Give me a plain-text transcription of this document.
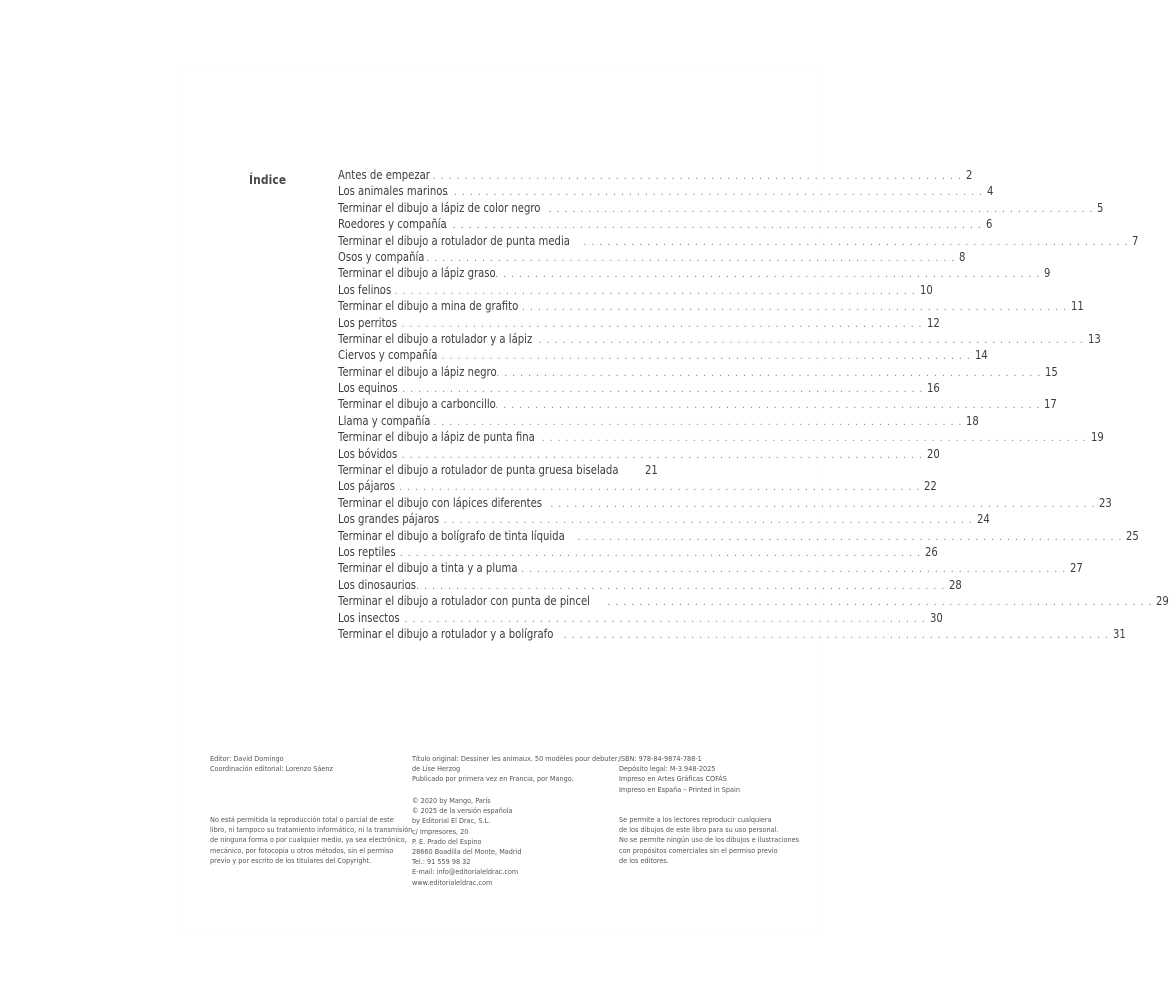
Índice	Antes de empezar . . .	2
Los animales marinos . . .	4
Terminar el dibujo a lápiz de color negro . . .	5
Roedores y compañía . . .	6
Terminar el dibujo a rotulador de punta media . . .	7
Osos y compañía . . .	8
Terminar el dibujo a lápiz graso . . .	9
Los felinos . . .	10
Terminar el dibujo a mina de grafito . . .	11
Los perritos . . .	12
Terminar el dibujo a rotulador y a lápiz . . .	13
Ciervos y compañía . . .	14
Terminar el dibujo a lápiz negro . . .	15
Los equinos . . .	16
Terminar el dibujo a carboncillo . . .	17
Llama y compañía . . .	18
Terminar el dibujo a lápiz de punta fina . . .	19
Los bóvidos . . .	20
Terminar el dibujo a rotulador de punta gruesa biselada 21
Los pájaros . . .	22
Terminar el dibujo con lápices diferentes . . .	23
Los grandes pájaros . . .	24
Terminar el dibujo a bolígrafo de tinta líquida . . .	25
Los reptiles . . .	26
Terminar el dibujo a tinta y a pluma . . .	27
Los dinosaurios . . .	28
Terminar el dibujo a rotulador con punta de pincel . . .	29
Los insectos . . .	30
Terminar el dibujo a rotulador y a bolígrafo . . .	31
Editor: David Domingo
Coordinación editorial: Lorenzo Sáenz
No está permitida la reproducción total o parcial de este
libro, ni tampoco su tratamiento informático, ni la transmisión
de ninguna forma o por cualquier medio, ya sea electrónico,
mecánico, por fotocopia u otros métodos, sin el permiso
previo y por escrito de los titulares del Copyright.
Título original: Dessiner les animaux. 50 modèles pour debuter,
de Lise Herzog
Publicado por primera vez en Francia, por Mango.
© 2020 by Mango, París
© 2025 de la versión española
by Editorial El Drac, S.L.
c/ Impresores, 20
P. E. Prado del Espino
28660 Boadilla del Monte, Madrid
Tel.: 91 559 98 32
E-mail: info@editorialeldrac.com
www.editorialeldrac.com
ISBN: 978-84-9874-788-1
Depósito legal: M-3.948-2025
Impreso en Artes Gráficas COFÁS
Impreso en España – Printed in Spain
Se permite a los lectores reproducir cualquiera
de los dibujos de este libro para su uso personal.
No se permite ningún uso de los dibujos e ilustraciones
con propósitos comerciales sin el permiso previo
de los editores.
